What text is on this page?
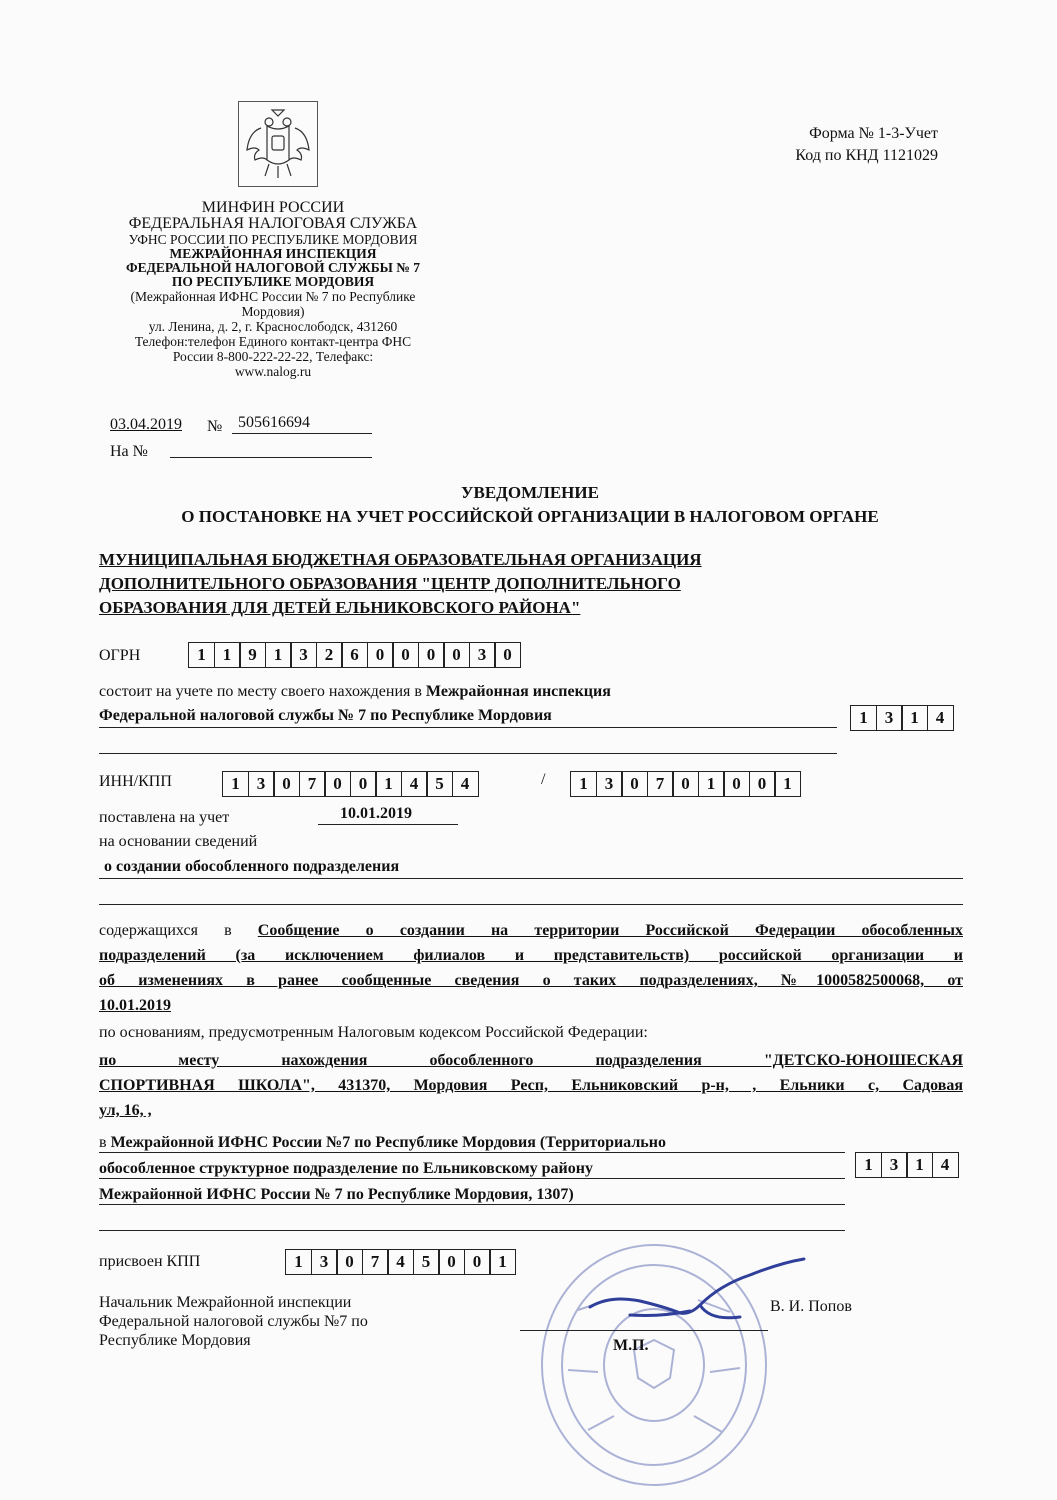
Форма № 1-3-Учет
Код по КНД 1121029
МИНФИН РОССИИ
ФЕДЕРАЛЬНАЯ НАЛОГОВАЯ СЛУЖБА
УФНС РОССИИ ПО РЕСПУБЛИКЕ МОРДОВИЯ
МЕЖРАЙОННАЯ ИНСПЕКЦИЯ
ФЕДЕРАЛЬНОЙ НАЛОГОВОЙ СЛУЖБЫ № 7
ПО РЕСПУБЛИКЕ МОРДОВИЯ
(Межрайонная ИФНС России № 7 по Республике
Мордовия)
ул. Ленина, д. 2, г. Краснослободск, 431260
Телефон:телефон Единого контакт-центра ФНС
России 8-800-222-22-22, Телефакс:
www.nalog.ru
03.04.2019 № 505616694
На №
УВЕДОМЛЕНИЕ
О ПОСТАНОВКЕ НА УЧЕТ РОССИЙСКОЙ ОРГАНИЗАЦИИ В НАЛОГОВОМ ОРГАНЕ
МУНИЦИПАЛЬНАЯ БЮДЖЕТНАЯ ОБРАЗОВАТЕЛЬНАЯ ОРГАНИЗАЦИЯ
ДОПОЛНИТЕЛЬНОГО ОБРАЗОВАНИЯ "ЦЕНТР ДОПОЛНИТЕЛЬНОГО
ОБРАЗОВАНИЯ ДЛЯ ДЕТЕЙ ЕЛЬНИКОВСКОГО РАЙОНА"
ОГРН	1	1	9	1	3	2	6	0	0	0	0	3	0
состоит на учете по месту своего нахождения в Межрайонная инспекция
Федеральной налоговой службы № 7 по Республике Мордовия	1	3	1	4
ИНН/КПП	1	3	0	7	0	0	1	4	5	4	/	1	3	0	7	0	1	0	0	1
поставлена на учет	10.01.2019
на основании сведений
о создании обособленного подразделения
содержащихся в Сообщение о создании на территории Российской Федерации обособленных
подразделений (за исключением филиалов и представительств) российской организации и
об изменениях в ранее сообщенные сведения о таких подразделениях, №1000582500068, от
10.01.2019
по основаниям, предусмотренным Налоговым кодексом Российской Федерации:
по месту нахождения обособленного подразделения "ДЕТСКО-ЮНОШЕСКАЯ
СПОРТИВНАЯ ШКОЛА", 431370, Мордовия Респ, Ельниковский р-н, , Ельники с, Садовая
ул, 16, ,
в Межрайонной ИФНС России №7 по Республике Мордовия (Территориально
обособленное структурное подразделение по Ельниковскому району
Межрайонной ИФНС России № 7 по Республике Мордовия, 1307)
1	3	1	4
присвоен КПП	1	3	0	7	4	5	0	0	1
Начальник Межрайонной инспекции
Федеральной налоговой службы №7 по
Республике Мордовия
В. И. Попов
М.П.
